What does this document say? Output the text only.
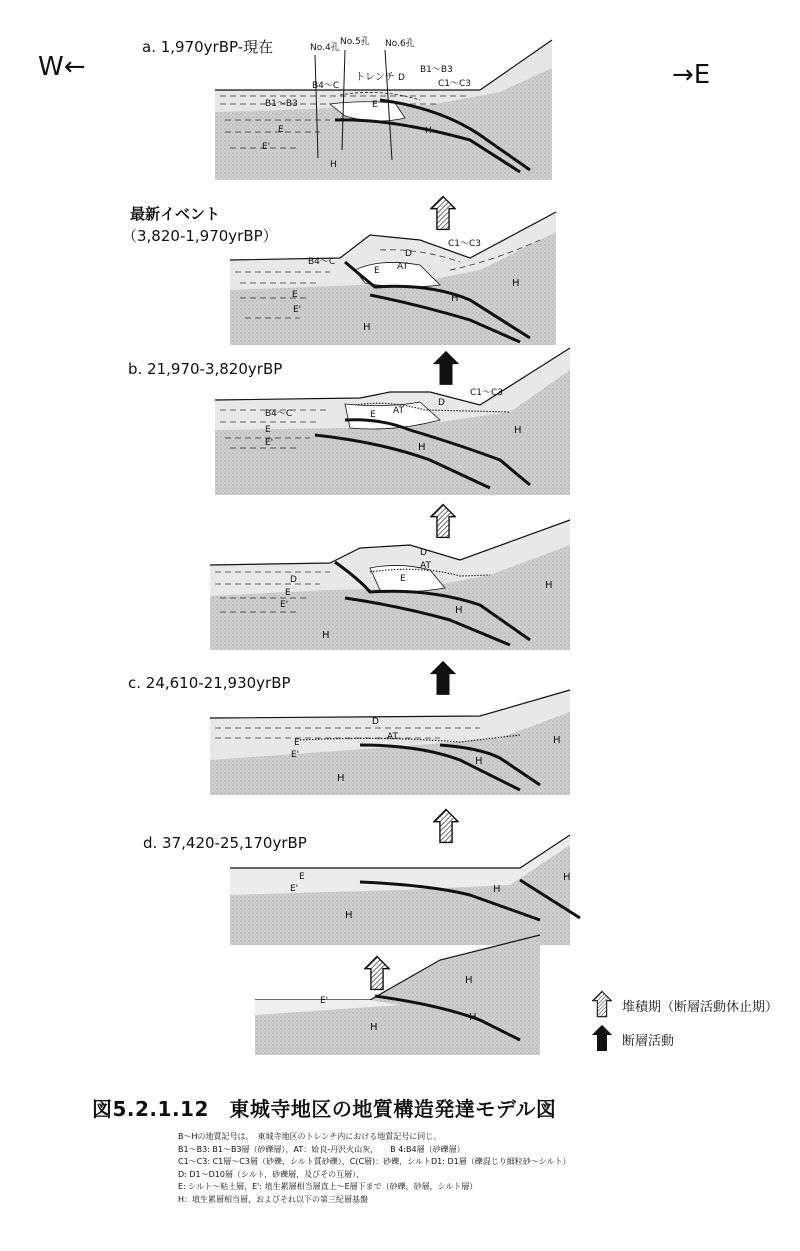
W←	→E
a. 1,970yrBP-現在	No.4孔
No.5孔 No.6孔
トレンチ
B4～C
B1～B3
B1～B3
C1～C3
D
E
E
E'
H
H
最新イベント
（3,820-1,970yrBP）
B4～C
D
E AT
C1～C3
E
E'
H
H
H
b. 21,970-3,820yrBP
B4～C	E AT
D
C1～C3
E
E'	H
H
D
AT
E
D
E
E'	H
H
H
c. 24,610-21,930yrBP
D
AT
E
E'
H
H
H
d. 37,420-25,170yrBP
E
E'	H
H
H
E'
H
H
H
堆積期（断層活動休止期）
断層活動
図5.2.1.12　東城寺地区の地質構造発達モデル図
B～Hの地質記号は，　東城寺地区のトレンチ内における地質記号に同じ。
B1～B3: B1～B3層（砂礫層），AT：姶良-丹沢火山灰，　　B 4:B4層（砂礫層）
C1～C3: C1層～C3層（砂礫，シルト質砂礫），C(C層)：砂礫，シルトD1: D1層（礫混じり細粒砂～シルト）
D: D1～D10層（シルト，砂礫層，及びその互層），
E: シルト～粘土層，E': 埴生累層相当層直上～E層下まで（砂礫，砂層，シルト層）
H：埴生累層相当層，およびそれ以下の第三紀層基盤
